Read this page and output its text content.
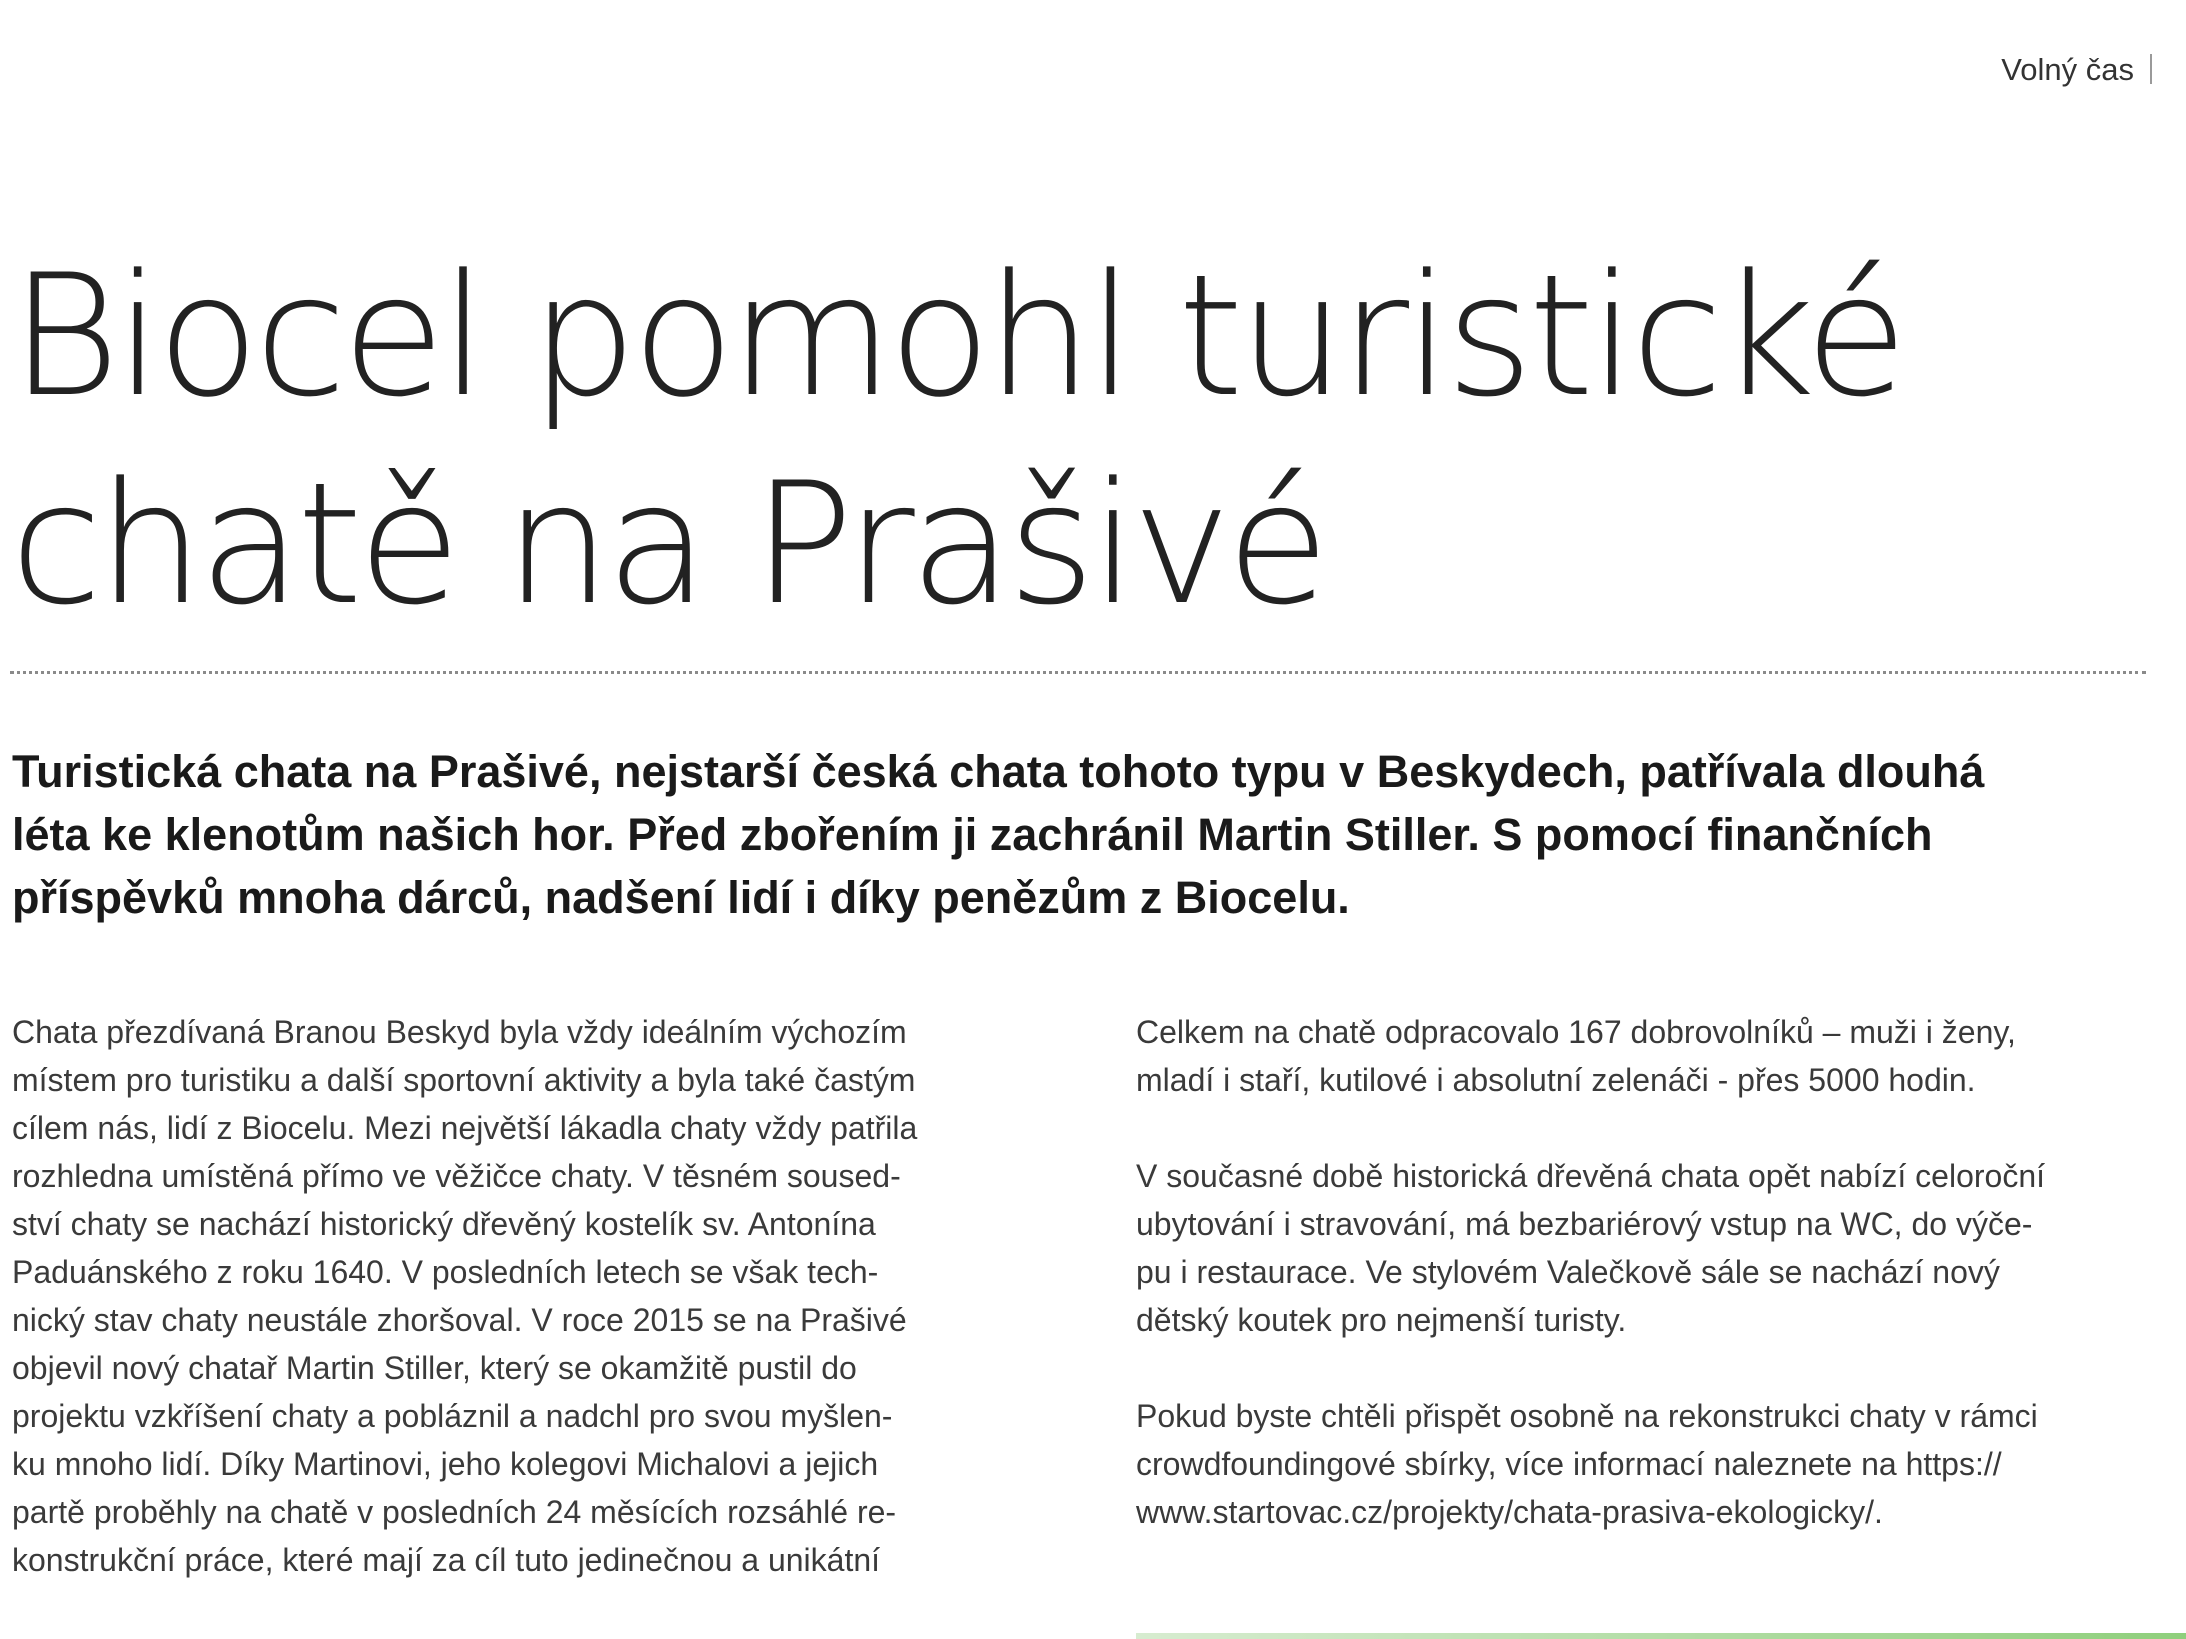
Volný čas
Biocel pomohl turistické
chatě na Prašivé

Turistická chata na Prašivé, nejstarší česká chata tohoto typu v Beskydech, patřívala dlouhá
léta ke klenotům našich hor. Před zbořením ji zachránil Martin Stiller. S pomocí finančních
příspěvků mnoha dárců, nadšení lidí i díky penězům z Biocelu.

Chata přezdívaná Branou Beskyd byla vždy ideálním výchozím
místem pro turistiku a další sportovní aktivity a byla také častým
cílem nás, lidí z Biocelu. Mezi největší lákadla chaty vždy patřila
rozhledna umístěná přímo ve věžičce chaty. V těsném soused-
ství chaty se nachází historický dřevěný kostelík sv. Antonína
Paduánského z roku 1640. V posledních letech se však tech-
nický stav chaty neustále zhoršoval. V roce 2015 se na Prašivé
objevil nový chatař Martin Stiller, který se okamžitě pustil do
projektu vzkříšení chaty a pobláznil a nadchl pro svou myšlen-
ku mnoho lidí. Díky Martinovi, jeho kolegovi Michalovi a jejich
partě proběhly na chatě v posledních 24 měsících rozsáhlé re-
konstrukční práce, které mají za cíl tuto jedinečnou a unikátní
Celkem na chatě odpracovalo 167 dobrovolníků – muži i ženy,
mladí i staří, kutilové i absolutní zelenáči - přes 5000 hodin.
V současné době historická dřevěná chata opět nabízí celoroční
ubytování i stravování, má bezbariérový vstup na WC, do výče-
pu i restaurace. Ve stylovém Valečkově sále se nachází nový
dětský koutek pro nejmenší turisty.
Pokud byste chtěli přispět osobně na rekonstrukci chaty v rámci
crowdfoundingové sbírky, více informací naleznete na https://
www.startovac.cz/projekty/chata-prasiva-ekologicky/.
